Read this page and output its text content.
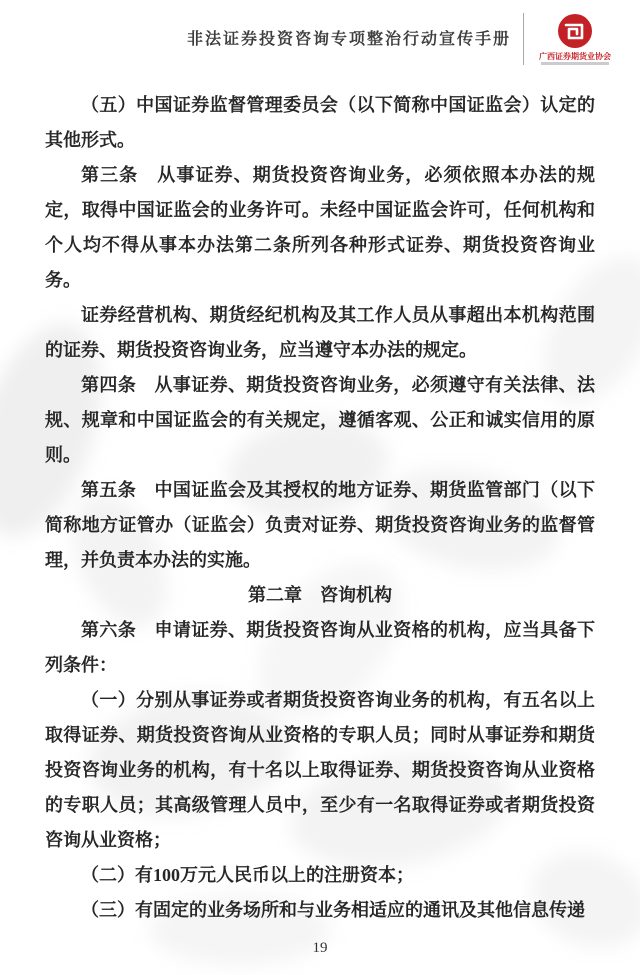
非法证券投资咨询专项整治行动宣传手册
广西证券期货业协会

（五）中国证券监督管理委员会（以下简称中国证监会）认定的其他形式。

第三条　从事证券、期货投资咨询业务，必须依照本办法的规定，取得中国证监会的业务许可。未经中国证监会许可，任何机构和个人均不得从事本办法第二条所列各种形式证券、期货投资咨询业务。

证券经营机构、期货经纪机构及其工作人员从事超出本机构范围的证券、期货投资咨询业务，应当遵守本办法的规定。

第四条　从事证券、期货投资咨询业务，必须遵守有关法律、法规、规章和中国证监会的有关规定，遵循客观、公正和诚实信用的原则。

第五条　中国证监会及其授权的地方证券、期货监管部门（以下简称地方证管办（证监会）负责对证券、期货投资咨询业务的监督管理，并负责本办法的实施。

第二章　咨询机构

第六条　申请证券、期货投资咨询从业资格的机构，应当具备下列条件：

（一）分别从事证券或者期货投资咨询业务的机构，有五名以上取得证券、期货投资咨询从业资格的专职人员；同时从事证券和期货投资咨询业务的机构，有十名以上取得证券、期货投资咨询从业资格的专职人员；其高级管理人员中，至少有一名取得证券或者期货投资咨询从业资格；

（二）有100万元人民币以上的注册资本；

（三）有固定的业务场所和与业务相适应的通讯及其他信息传递

19
